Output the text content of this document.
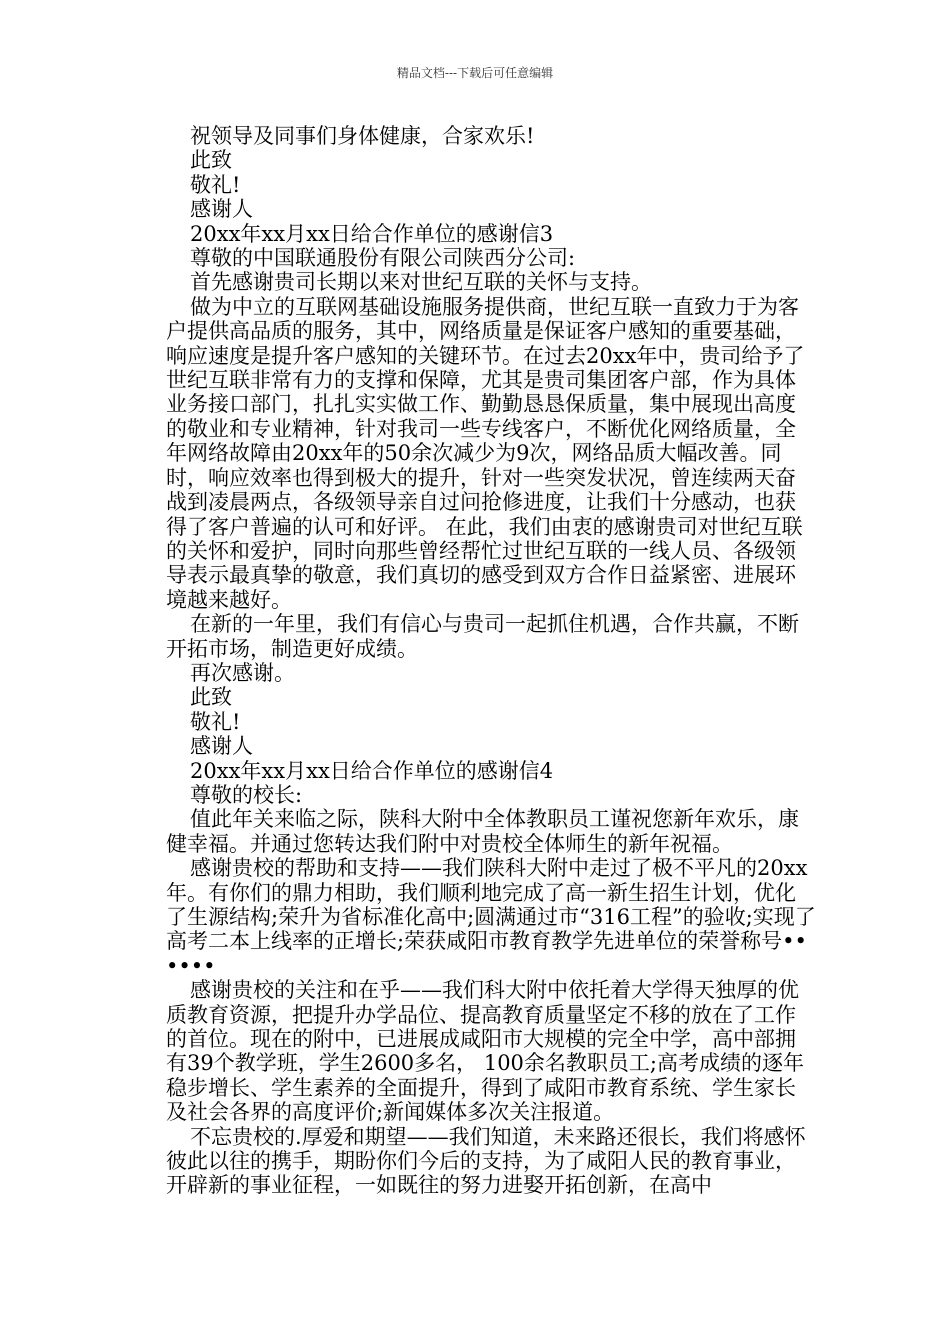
精品文档---下载后可任意编辑

祝领导及同事们身体健康，合家欢乐!

此致

敬礼!

感谢人

20xx年xx月xx日给合作单位的感谢信3

尊敬的中国联通股份有限公司陕西分公司:

首先感谢贵司长期以来对世纪互联的关怀与支持。

做为中立的互联网基础设施服务提供商，世纪互联一直致力于为客户提供高品质的服务，其中，网络质量是保证客户感知的重要基础，响应速度是提升客户感知的关键环节。在过去20xx年中，贵司给予了世纪互联非常有力的支撑和保障，尤其是贵司集团客户部，作为具体业务接口部门，扎扎实实做工作、勤勤恳恳保质量，集中展现出高度的敬业和专业精神，针对我司一些专线客户，不断优化网络质量，全年网络故障由20xx年的50余次减少为9次，网络品质大幅改善。同时，响应效率也得到极大的提升，针对一些突发状况，曾连续两天奋战到凌晨两点，各级领导亲自过问抢修进度，让我们十分感动，也获得了客户普遍的认可和好评。 在此，我们由衷的感谢贵司对世纪互联的关怀和爱护，同时向那些曾经帮忙过世纪互联的一线人员、各级领导表示最真挚的敬意，我们真切的感受到双方合作日益紧密、进展环境越来越好。

在新的一年里，我们有信心与贵司一起抓住机遇，合作共赢，不断开拓市场，制造更好成绩。

再次感谢。

此致

敬礼!

感谢人

20xx年xx月xx日给合作单位的感谢信4

尊敬的校长:

值此年关来临之际，陕科大附中全体教职员工谨祝您新年欢乐，康健幸福。并通过您转达我们附中对贵校全体师生的新年祝福。

感谢贵校的帮助和支持——我们陕科大附中走过了极不平凡的20xx年。有你们的鼎力相助，我们顺利地完成了高一新生招生计划，优化了生源结构;荣升为省标准化高中;圆满通过市“316工程”的验收;实现了高考二本上线率的正增长;荣获咸阳市教育教学先进单位的荣誉称号••••••

感谢贵校的关注和在乎——我们科大附中依托着大学得天独厚的优质教育资源，把提升办学品位、提高教育质量坚定不移的放在了工作的首位。现在的附中，已进展成咸阳市大规模的完全中学，高中部拥有39个教学班，学生2600多名， 100余名教职员工;高考成绩的逐年稳步增长、学生素养的全面提升，得到了咸阳市教育系统、学生家长及社会各界的高度评价;新闻媒体多次关注报道。

不忘贵校的.厚爱和期望——我们知道，未来路还很长，我们将感怀彼此以往的携手，期盼你们今后的支持，为了咸阳人民的教育事业，开辟新的事业征程，一如既往的努力进娶开拓创新，在高中
